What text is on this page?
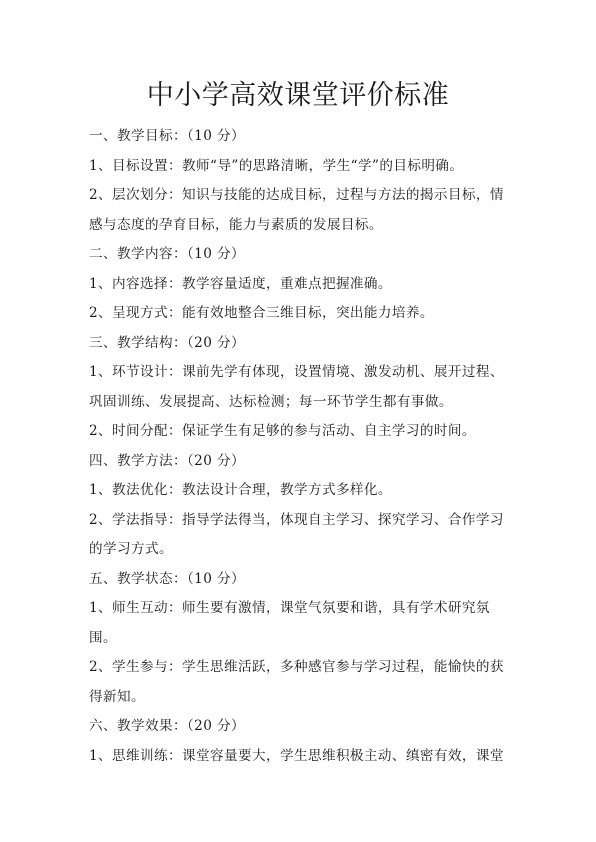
中小学高效课堂评价标准

一、教学目标：（10 分）

1、目标设置：教师“导”的思路清晰，学生“学”的目标明确。

2、层次划分：知识与技能的达成目标，过程与方法的揭示目标，情

感与态度的孕育目标，能力与素质的发展目标。

二、教学内容：（10 分）

1、内容选择：教学容量适度，重难点把握准确。

2、呈现方式：能有效地整合三维目标，突出能力培养。

三、教学结构：（20 分）

1、环节设计：课前先学有体现，设置情境、激发动机、展开过程、

巩固训练、发展提高、达标检测；每一环节学生都有事做。

2、时间分配：保证学生有足够的参与活动、自主学习的时间。

四、教学方法：（20 分）

1、教法优化：教法设计合理，教学方式多样化。

2、学法指导：指导学法得当，体现自主学习、探究学习、合作学习

的学习方式。

五、教学状态：（10 分）

1、师生互动：师生要有激情，课堂气氛要和谐，具有学术研究氛围。

2、学生参与：学生思维活跃，多种感官参与学习过程，能愉快的获

得新知。

六、教学效果：（20 分）

1、思维训练：课堂容量要大，学生思维积极主动、缜密有效，课堂
